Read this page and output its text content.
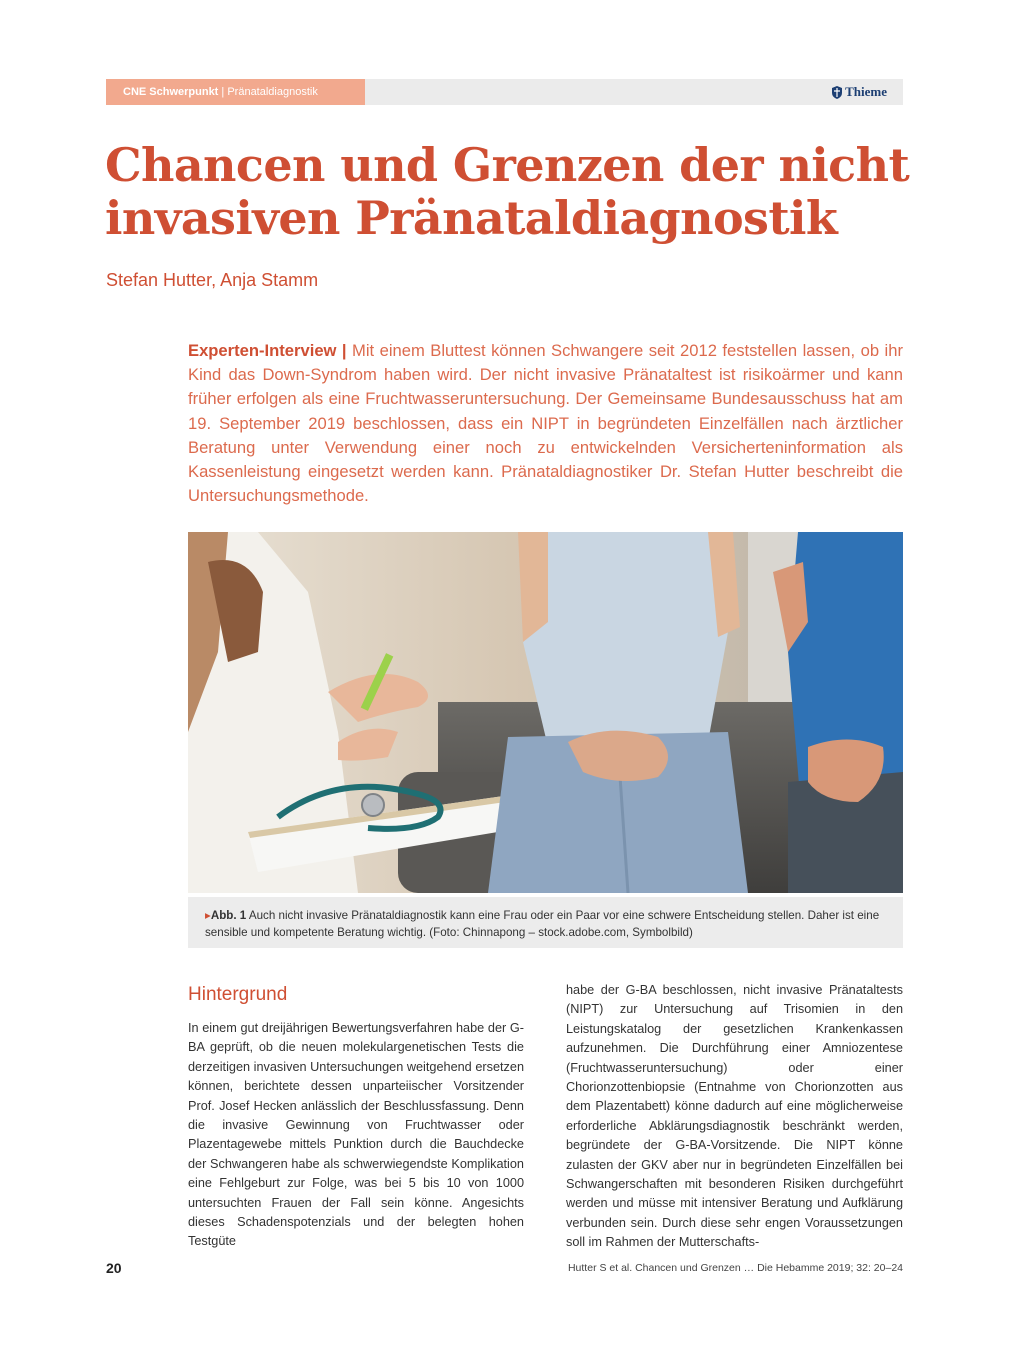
CNE Schwerpunkt | Pränataldiagnostik	Thieme
Chancen und Grenzen der nicht invasiven Pränataldiagnostik
Stefan Hutter, Anja Stamm

Experten-Interview | Mit einem Bluttest können Schwangere seit 2012 feststellen lassen, ob ihr Kind das Down-Syndrom haben wird. Der nicht invasive Pränataltest ist risikoärmer und kann früher erfolgen als eine Fruchtwasseruntersuchung. Der Gemeinsame Bundesausschuss hat am 19. September 2019 beschlossen, dass ein NIPT in begründeten Einzelfällen nach ärztlicher Beratung unter Verwendung einer noch zu entwickelnden Versicherteninformation als Kassenleistung eingesetzt werden kann. Pränataldiagnostiker Dr. Stefan Hutter beschreibt die Untersuchungsmethode.

▸Abb. 1 Auch nicht invasive Pränataldiagnostik kann eine Frau oder ein Paar vor eine schwere Entscheidung stellen. Daher ist eine sensible und kompetente Beratung wichtig. (Foto: Chinnapong – stock.adobe.com, Symbolbild)
Hintergrund

In einem gut dreijährigen Bewertungsverfahren habe der G-BA geprüft, ob die neuen molekulargenetischen Tests die derzeitigen invasiven Untersuchungen weitgehend ersetzen können, berichtete dessen unparteiischer Vorsitzender Prof. Josef Hecken anlässlich der Beschlussfassung. Denn die invasive Gewinnung von Fruchtwasser oder Plazentagewebe mittels Punktion durch die Bauchdecke der Schwangeren habe als schwerwiegendste Komplikation eine Fehlgeburt zur Folge, was bei 5 bis 10 von 1000 untersuchten Frauen der Fall sein könne. Angesichts dieses Schadenspotenzials und der belegten hohen Testgüte

habe der G-BA beschlossen, nicht invasive Pränataltests (NIPT) zur Untersuchung auf Trisomien in den Leistungskatalog der gesetzlichen Krankenkassen aufzunehmen. Die Durchführung einer Amniozentese (Fruchtwasseruntersuchung) oder einer Chorionzottenbiopsie (Entnahme von Chorionzotten aus dem Plazentabett) könne dadurch auf eine möglicherweise erforderliche Abklärungsdiagnostik beschränkt werden, begründete der G-BA-Vorsitzende. Die NIPT könne zulasten der GKV aber nur in begründeten Einzelfällen bei Schwangerschaften mit besonderen Risiken durchgeführt werden und müsse mit intensiver Beratung und Aufklärung verbunden sein. Durch diese sehr engen Voraussetzungen soll im Rahmen der Mutterschafts-

20	Hutter S et al. Chancen und Grenzen … Die Hebamme 2019; 32: 20–24
